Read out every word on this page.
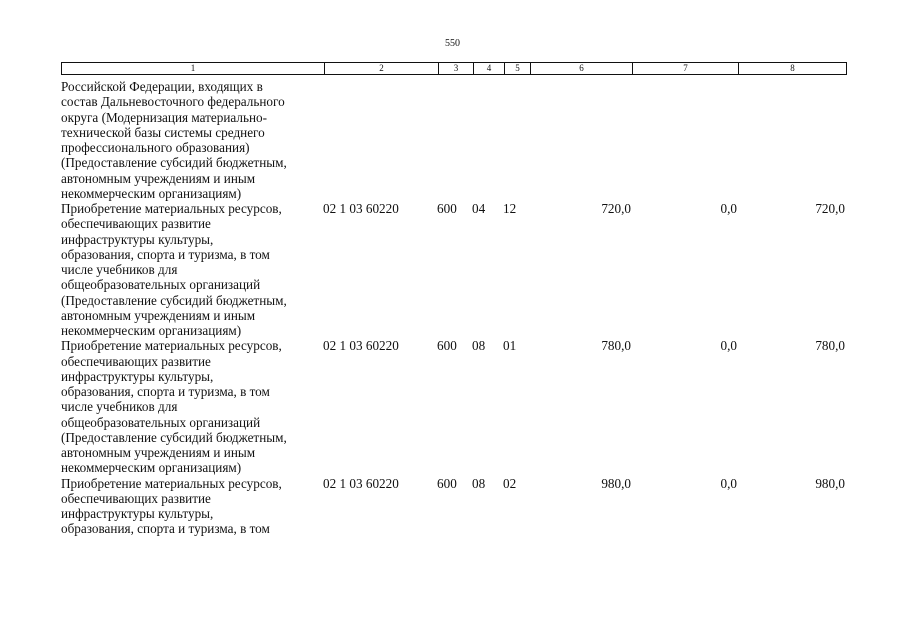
550
1	2	3	4	5	6	7	8
Российской Федерации, входящих в
состав Дальневосточного федерального
округа (Модернизация материально-
технической базы системы среднего
профессионального образования)
(Предоставление субсидий бюджетным,
автономным учреждениям и иным
некоммерческим организациям)
Приобретение материальных ресурсов,
обеспечивающих развитие
инфраструктуры культуры,
образования, спорта и туризма, в том
числе учебников для
общеобразовательных организаций
(Предоставление субсидий бюджетным,
автономным учреждениям и иным
некоммерческим организациям)
02 1 03 60220	600 04 12	720,0	0,0	720,0
Приобретение материальных ресурсов,
обеспечивающих развитие
инфраструктуры культуры,
образования, спорта и туризма, в том
числе учебников для
общеобразовательных организаций
(Предоставление субсидий бюджетным,
автономным учреждениям и иным
некоммерческим организациям)
02 1 03 60220	600 08 01	780,0	0,0	780,0
Приобретение материальных ресурсов,
обеспечивающих развитие
инфраструктуры культуры,
образования, спорта и туризма, в том
02 1 03 60220	600 08 02	980,0	0,0	980,0
